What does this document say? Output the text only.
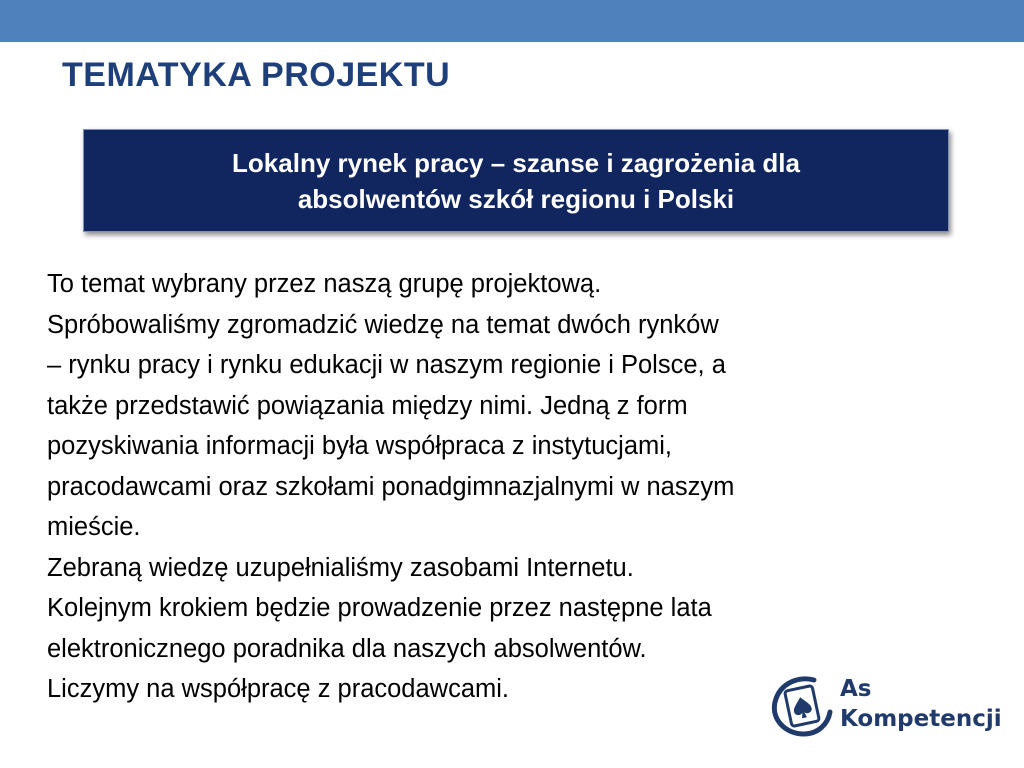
TEMATYKA PROJEKTU
Lokalny rynek pracy – szanse i zagrożenia dla
absolwentów szkół regionu i Polski

To temat wybrany przez naszą grupę projektową.

Spróbowaliśmy zgromadzić wiedzę na temat dwóch rynków

– rynku pracy i rynku edukacji w naszym regionie i Polsce, a

także przedstawić powiązania między nimi. Jedną z form

pozyskiwania informacji była współpraca z instytucjami,

pracodawcami oraz szkołami ponadgimnazjalnymi w naszym

mieście.

Zebraną wiedzę uzupełnialiśmy zasobami Internetu.

Kolejnym krokiem będzie prowadzenie przez następne lata

elektronicznego poradnika dla naszych absolwentów.

Liczymy na współpracę z pracodawcami.	As
Kompetencji
